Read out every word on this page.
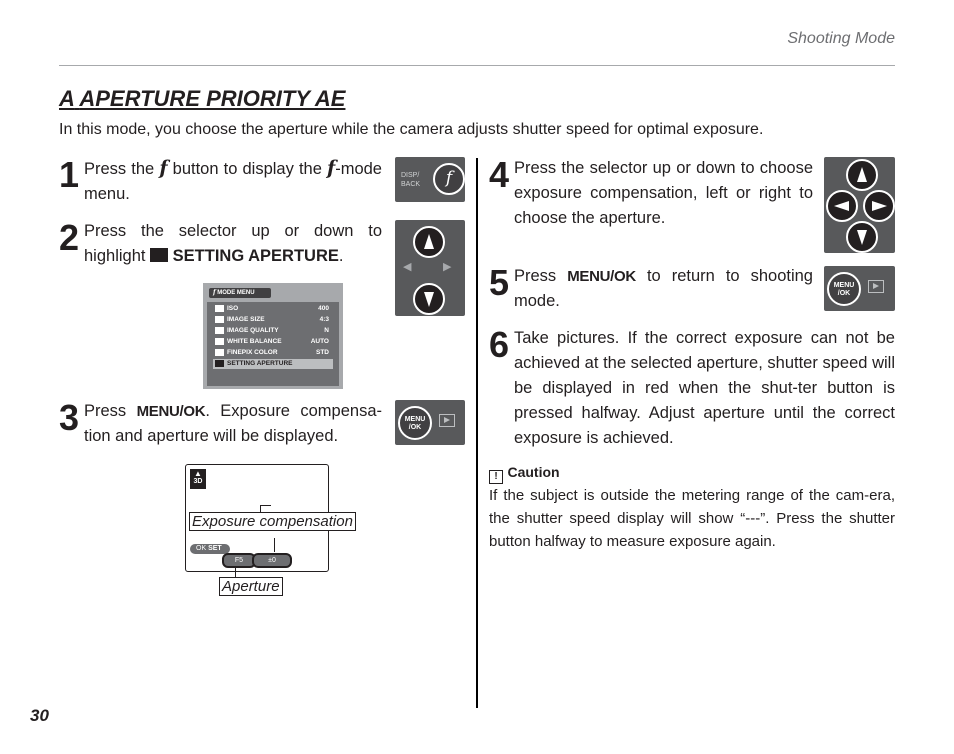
Shooting Mode
A APERTURE PRIORITY AE
In this mode, you choose the aperture while the camera adjusts shutter speed for optimal exposure.
1 Press the f button to display the f-mode menu.
DISP/ BACK	f
2 Press the selector up or down to highlight SETTING APERTURE.
◀	▶
f MODE MENU
ISO	400
IMAGE SIZE	4:3
IMAGE QUALITY	N
WHITE BALANCE	AUTO
FINEPIX COLOR	STD
SETTING APERTURE
3 Press MENU/OK. Exposure compensa-tion and aperture will be displayed.
MENU /OK
▲
3D
OK SET
F5	±0
Exposure compensation
Aperture
4 Press the selector up or down to choose exposure compensation, left or right to choose the aperture.
5 Press MENU/OK to return to shooting mode.
MENU /OK
6 Take pictures. If the correct exposure can not be achieved at the selected aperture, shutter speed will be displayed in red when the shut-ter button is pressed halfway. Adjust aperture until the correct exposure is achieved.
! Caution
If the subject is outside the metering range of the cam-era, the shutter speed display will show “---”. Press the shutter button halfway to measure exposure again.
30
